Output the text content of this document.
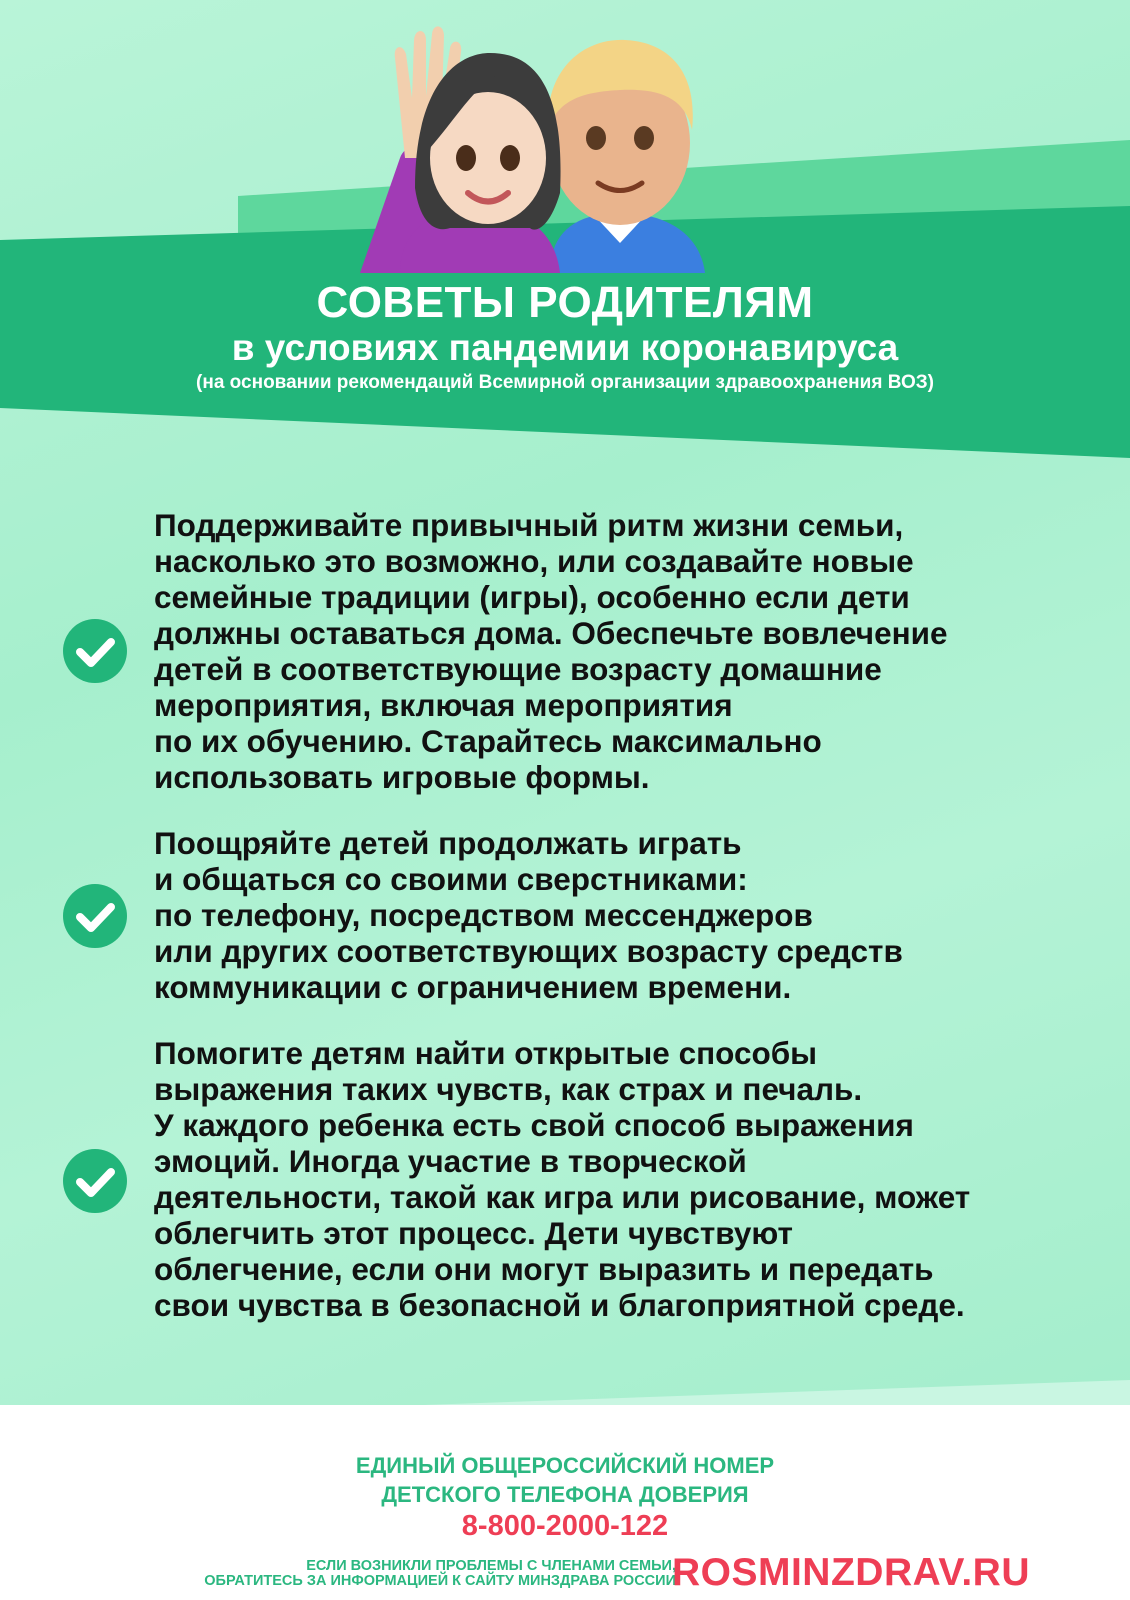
СОВЕТЫ РОДИТЕЛЯМ
в условиях пандемии коронавируса
(на основании рекомендаций Всемирной организации здравоохранения ВОЗ)

Поддерживайте привычный ритм жизни семьи,
насколько это возможно, или создавайте новые
семейные традиции (игры), особенно если дети
должны оставаться дома. Обеспечьте вовлечение
детей в соответствующие возрасту домашние
мероприятия, включая мероприятия
по их обучению. Старайтесь максимально
использовать игровые формы.

Поощряйте детей продолжать играть
и общаться со своими сверстниками:
по телефону, посредством мессенджеров
или других соответствующих возрасту средств
коммуникации с ограничением времени.

Помогите детям найти открытые способы
выражения таких чувств, как страх и печаль.
У каждого ребенка есть свой способ выражения
эмоций. Иногда участие в творческой
деятельности, такой как игра или рисование, может
облегчить этот процесс. Дети чувствуют
облегчение, если они могут выразить и передать
свои чувства в безопасной и благоприятной среде.

ЕДИНЫЙ ОБЩЕРОССИЙСКИЙ НОМЕР
ДЕТСКОГО ТЕЛЕФОНА ДОВЕРИЯ
8-800-2000-122
ЕСЛИ ВОЗНИКЛИ ПРОБЛЕМЫ С ЧЛЕНАМИ СЕМЬИ,
ОБРАТИТЕСЬ ЗА ИНФОРМАЦИЕЙ К САЙТУ МИНЗДРАВА РОССИИ
ROSMINZDRAV.RU
